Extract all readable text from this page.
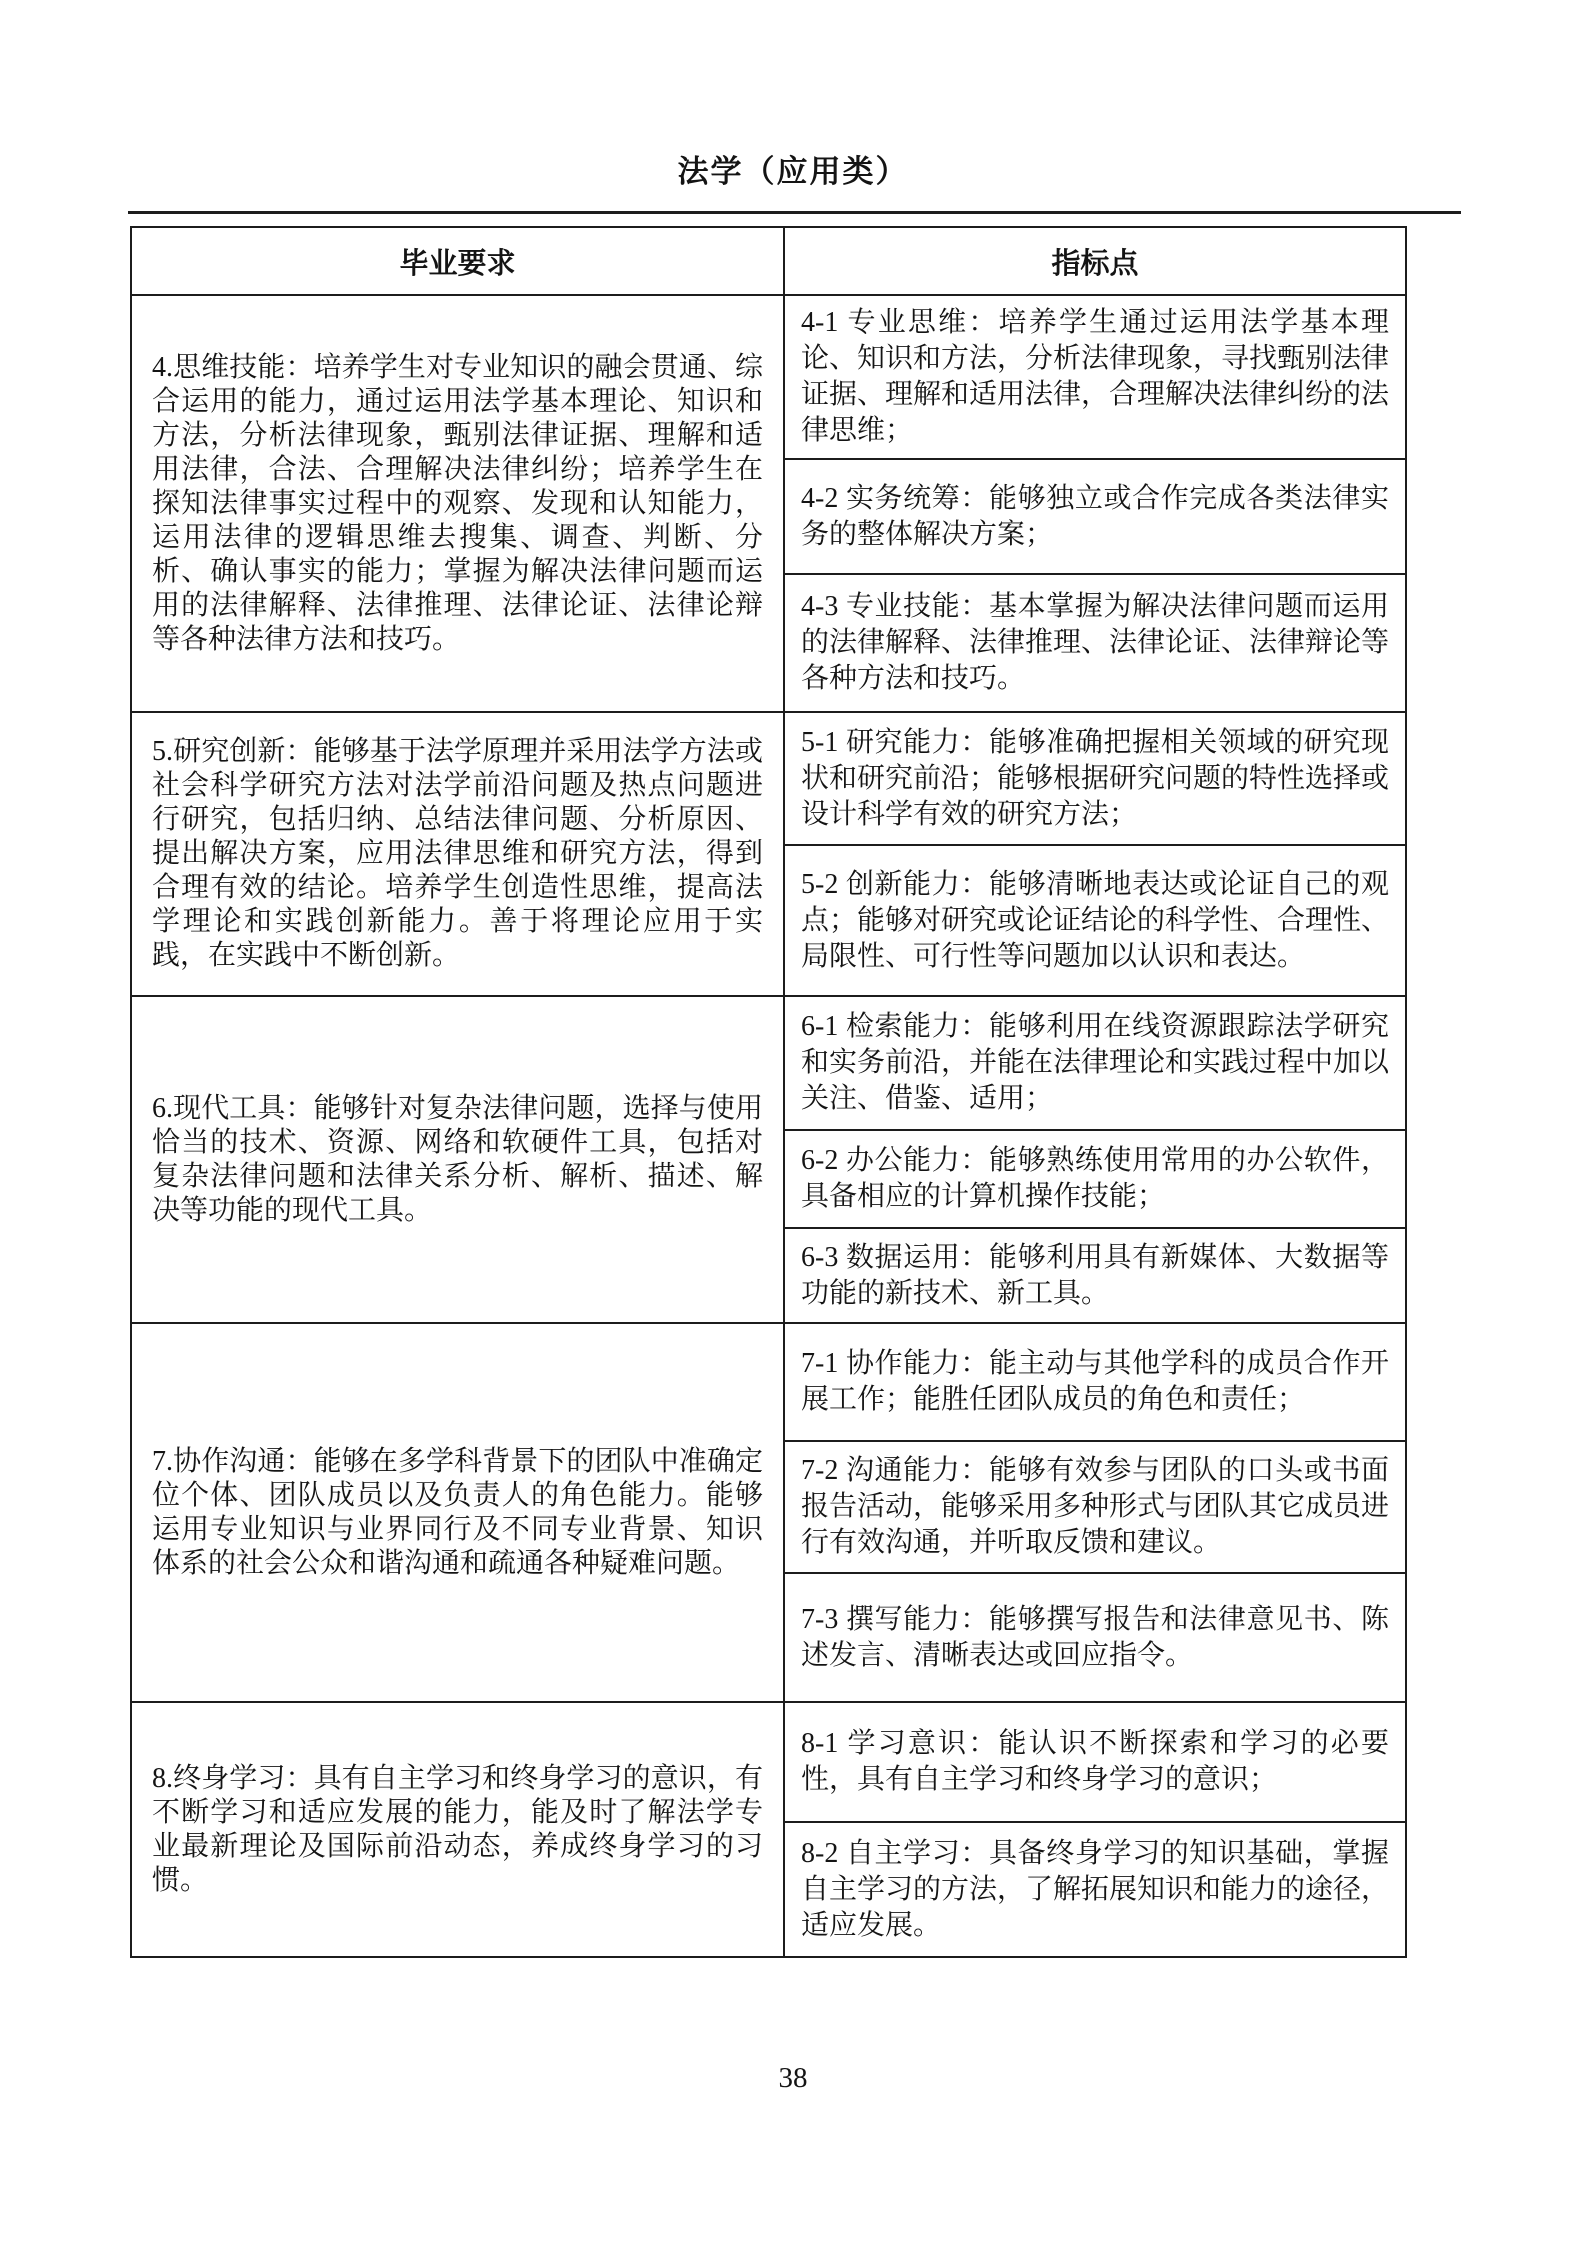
法学（应用类）
毕业要求	指标点
4.思维技能：培养学生对专业知识的融会贯通、综合运用的能力，通过运用法学基本理论、知识和方法，分析法律现象，甄别法律证据、理解和适用法律，合法、合理解决法律纠纷；培养学生在探知法律事实过程中的观察、发现和认知能力，运用法律的逻辑思维去搜集、调查、判断、分析、确认事实的能力；掌握为解决法律问题而运用的法律解释、法律推理、法律论证、法律论辩等各种法律方法和技巧。
4-1 专业思维：培养学生通过运用法学基本理论、知识和方法，分析法律现象，寻找甄别法律证据、理解和适用法律，合理解决法律纠纷的法律思维；
4-2 实务统筹：能够独立或合作完成各类法律实务的整体解决方案；
4-3 专业技能：基本掌握为解决法律问题而运用的法律解释、法律推理、法律论证、法律辩论等各种方法和技巧。
5.研究创新：能够基于法学原理并采用法学方法或社会科学研究方法对法学前沿问题及热点问题进行研究，包括归纳、总结法律问题、分析原因、提出解决方案，应用法律思维和研究方法，得到合理有效的结论。培养学生创造性思维，提高法学理论和实践创新能力。善于将理论应用于实践，在实践中不断创新。
5-1 研究能力：能够准确把握相关领域的研究现状和研究前沿；能够根据研究问题的特性选择或设计科学有效的研究方法；
5-2 创新能力：能够清晰地表达或论证自己的观点；能够对研究或论证结论的科学性、合理性、局限性、可行性等问题加以认识和表达。
6.现代工具：能够针对复杂法律问题，选择与使用恰当的技术、资源、网络和软硬件工具，包括对复杂法律问题和法律关系分析、解析、描述、解决等功能的现代工具。
6-1 检索能力：能够利用在线资源跟踪法学研究和实务前沿，并能在法律理论和实践过程中加以关注、借鉴、适用；
6-2 办公能力：能够熟练使用常用的办公软件，具备相应的计算机操作技能；
6-3 数据运用：能够利用具有新媒体、大数据等功能的新技术、新工具。
7.协作沟通：能够在多学科背景下的团队中准确定位个体、团队成员以及负责人的角色能力。能够运用专业知识与业界同行及不同专业背景、知识体系的社会公众和谐沟通和疏通各种疑难问题。
7-1 协作能力：能主动与其他学科的成员合作开展工作；能胜任团队成员的角色和责任；
7-2 沟通能力：能够有效参与团队的口头或书面报告活动，能够采用多种形式与团队其它成员进行有效沟通，并听取反馈和建议。
7-3 撰写能力：能够撰写报告和法律意见书、陈述发言、清晰表达或回应指令。
8.终身学习：具有自主学习和终身学习的意识，有不断学习和适应发展的能力，能及时了解法学专业最新理论及国际前沿动态，养成终身学习的习惯。
8-1 学习意识：能认识不断探索和学习的必要性，具有自主学习和终身学习的意识；
8-2 自主学习：具备终身学习的知识基础，掌握自主学习的方法，了解拓展知识和能力的途径，适应发展。
38
